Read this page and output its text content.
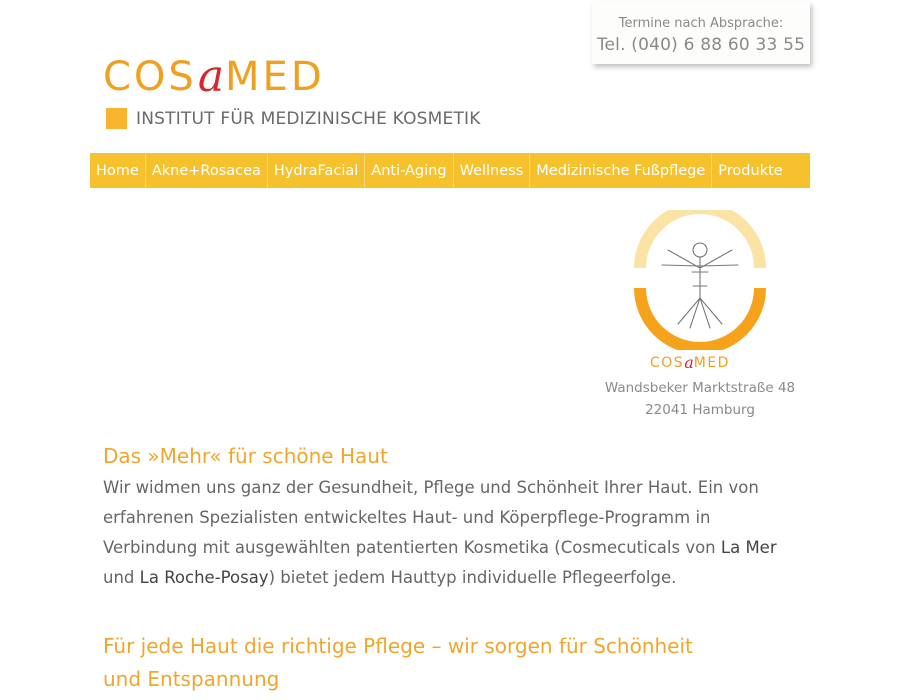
Termine nach Absprache:
Tel. (040) 6 88 60 33 55
COS a MED
INSTITUT FÜR MEDIZINISCHE KOSMETIK
Home Akne+Rosacea HydraFacial Anti-Aging Wellness Medizinische Fußpflege Produkte
COS a MED
Wandsbeker Marktstraße 48
22041 Hamburg
Das »Mehr« für schöne Haut

Wir widmen uns ganz der Gesundheit, Pflege und Schönheit Ihrer Haut. Ein von erfahrenen Spezialisten entwickeltes Haut- und Köperpflege-Programm in Verbindung mit ausgewählten patentierten Kosmetika (Cosmecuticals von La Mer und La Roche-Posay) bietet jedem Hauttyp individuelle Pflegeerfolge.

Für jede Haut die richtige Pflege – wir sorgen für Schönheit und Entspannung
